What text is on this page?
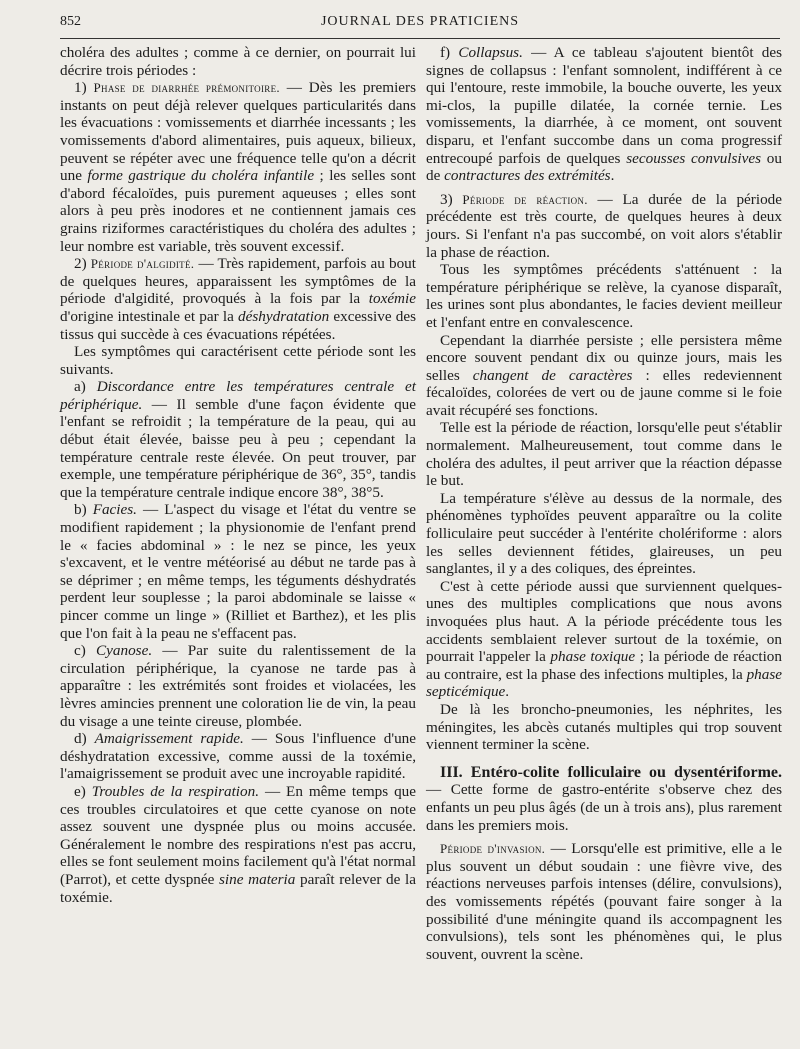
852	JOURNAL DES PRATICIENS

choléra des adultes ; comme à ce dernier, on pourrait lui décrire trois périodes :

1) Phase de diarrhée prémonitoire. — Dès les premiers instants on peut déjà relever quelques particularités dans les évacuations : vomissements et diarrhée incessants ; les vomissements d'abord alimentaires, puis aqueux, bilieux, peuvent se répéter avec une fréquence telle qu'on a décrit une forme gastrique du choléra infantile ; les selles sont d'abord fécaloïdes, puis purement aqueuses ; elles sont alors à peu près inodores et ne contiennent jamais ces grains riziformes caractéristiques du choléra des adultes ; leur nombre est variable, très souvent excessif.

2) Période d'algidité. — Très rapidement, parfois au bout de quelques heures, apparaissent les symptômes de la période d'algidité, provoqués à la fois par la toxémie d'origine intestinale et par la déshydratation excessive des tissus qui succède à ces évacuations répétées.

Les symptômes qui caractérisent cette période sont les suivants.

a) Discordance entre les températures centrale et périphérique. — Il semble d'une façon évidente que l'enfant se refroidit ; la température de la peau, qui au début était élevée, baisse peu à peu ; cependant la température centrale reste élevée. On peut trouver, par exemple, une température périphérique de 36°, 35°, tandis que la température centrale indique encore 38°, 38°5.

b) Facies. — L'aspect du visage et l'état du ventre se modifient rapidement ; la physionomie de l'enfant prend le « facies abdominal » : le nez se pince, les yeux s'excavent, et le ventre météorisé au début ne tarde pas à se déprimer ; en même temps, les téguments déshydratés perdent leur souplesse ; la paroi abdominale se laisse « pincer comme un linge » (Rilliet et Barthez), et les plis que l'on fait à la peau ne s'effacent pas.

c) Cyanose. — Par suite du ralentissement de la circulation périphérique, la cyanose ne tarde pas à apparaître : les extrémités sont froides et violacées, les lèvres amincies prennent une coloration lie de vin, la peau du visage a une teinte cireuse, plombée.

d) Amaigrissement rapide. — Sous l'influence d'une déshydratation excessive, comme aussi de la toxémie, l'amaigrissement se produit avec une incroyable rapidité.

e) Troubles de la respiration. — En même temps que ces troubles circulatoires et que cette cyanose on note assez souvent une dyspnée plus ou moins accusée. Généralement le nombre des respirations n'est pas accru, elles se font seulement moins facilement qu'à l'état normal (Parrot), et cette dyspnée sine materia paraît relever de la toxémie.

f) Collapsus. — A ce tableau s'ajoutent bientôt des signes de collapsus : l'enfant somnolent, indifférent à ce qui l'entoure, reste immobile, la bouche ouverte, les yeux mi-clos, la pupille dilatée, la cornée ternie. Les vomissements, la diarrhée, à ce moment, ont souvent disparu, et l'enfant succombe dans un coma progressif entrecoupé parfois de quelques secousses convulsives ou de contractures des extrémités.

3) Période de réaction. — La durée de la période précédente est très courte, de quelques heures à deux jours. Si l'enfant n'a pas succombé, on voit alors s'établir la phase de réaction.

Tous les symptômes précédents s'atténuent : la température périphérique se relève, la cyanose disparaît, les urines sont plus abondantes, le facies devient meilleur et l'enfant entre en convalescence.

Cependant la diarrhée persiste ; elle persistera même encore souvent pendant dix ou quinze jours, mais les selles changent de caractères : elles redeviennent fécaloïdes, colorées de vert ou de jaune comme si le foie avait récupéré ses fonctions.

Telle est la période de réaction, lorsqu'elle peut s'établir normalement. Malheureusement, tout comme dans le choléra des adultes, il peut arriver que la réaction dépasse le but.

La température s'élève au dessus de la normale, des phénomènes typhoïdes peuvent apparaître ou la colite folliculaire peut succéder à l'entérite cholériforme : alors les selles deviennent fétides, glaireuses, un peu sanglantes, il y a des coliques, des épreintes.

C'est à cette période aussi que surviennent quelques-unes des multiples complications que nous avons invoquées plus haut. A la période précédente tous les accidents semblaient relever surtout de la toxémie, on pourrait l'appeler la phase toxique ; la période de réaction au contraire, est la phase des infections multiples, la phase septicémique.

De là les broncho-pneumonies, les néphrites, les méningites, les abcès cutanés multiples qui trop souvent viennent terminer la scène.

III. Entéro-colite folliculaire ou dysentériforme. — Cette forme de gastro-entérite s'observe chez des enfants un peu plus âgés (de un à trois ans), plus rarement dans les premiers mois.

Période d'invasion. — Lorsqu'elle est primitive, elle a le plus souvent un début soudain : une fièvre vive, des réactions nerveuses parfois intenses (délire, convulsions), des vomissements répétés (pouvant faire songer à la possibilité d'une méningite quand ils accompagnent les convulsions), tels sont les phénomènes qui, le plus souvent, ouvrent la scène.
